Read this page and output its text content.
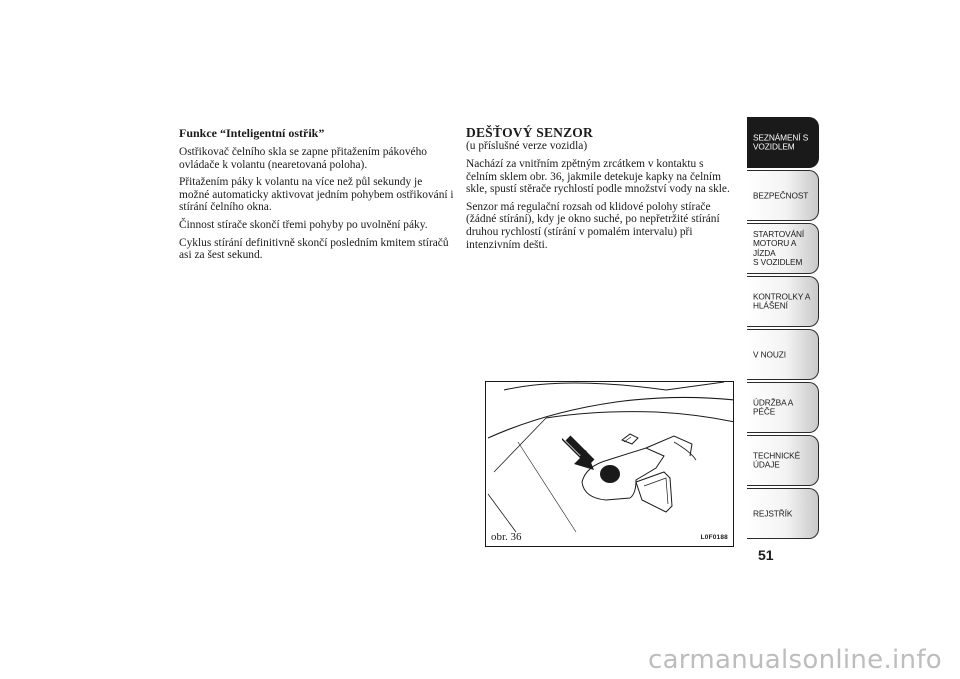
Funkce “Inteligentní ostřik”

Ostřikovač čelního skla se zapne přitažením pákového ovládače k volantu (nearetovaná poloha).

Přitažením páky k volantu na více než půl sekundy je možné automaticky aktivovat jedním pohybem ostřikování i stírání čelního okna.

Činnost stírače skončí třemi pohyby po uvolnění páky.

Cyklus stírání definitivně skončí posledním kmitem stíračů asi za šest sekund.

DEŠŤOVÝ SENZOR

(u příslušné verze vozidla)

Nachází za vnitřním zpětným zrcátkem v kontaktu s čelním sklem obr. 36, jakmile detekuje kapky na čelním skle, spustí stěrače rychlostí podle množství vody na skle.

Senzor má regulační rozsah od klidové polohy stírače (žádné stírání), kdy je okno suché, po nepřetržité stírání druhou rychlostí (stírání v pomalém intervalu) při intenzivním dešti.

obr. 36	L0F0188
SEZNÁMENÍ S
VOZIDLEM
BEZPEČNOST
STARTOVÁNÍ
MOTORU A JÍZDA
S VOZIDLEM
KONTROLKY A
HLÁŠENÍ
V NOUZI
ÚDRŽBA A PÉČE
TECHNICKÉ
ÚDAJE
REJSTŘÍK
51
carmanualsonline.info
